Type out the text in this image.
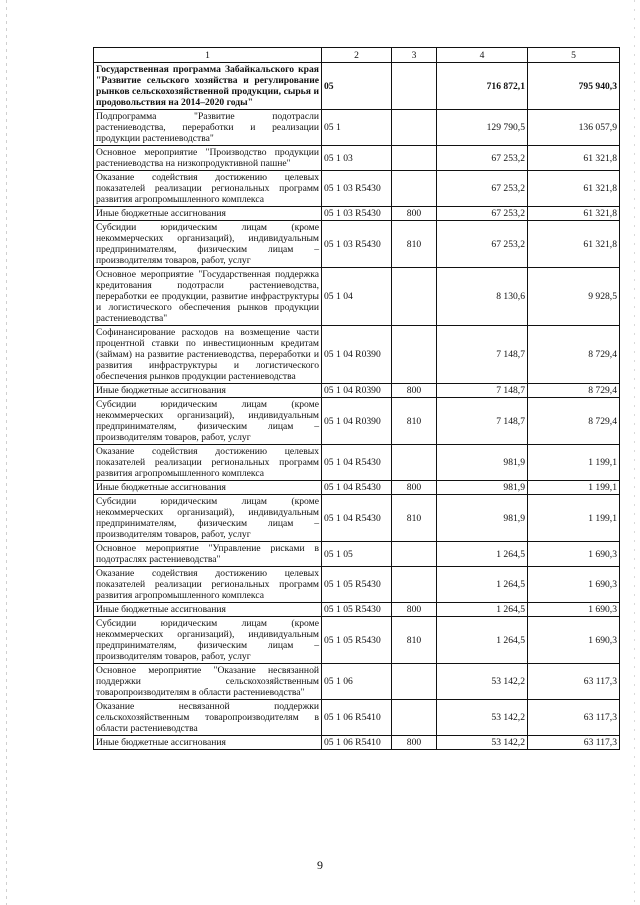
1	2	3	4	5
Государственная программа Забайкальского края "Развитие сельского хозяйства и регулирование рынков сельскохозяйственной продукции, сырья и продовольствия на 2014–2020 годы"	05		716 872,1	795 940,3
Подпрограмма "Развитие подотрасли растениеводства, переработки и реализации продукции растениеводства"	05 1		129 790,5	136 057,9
Основное мероприятие "Производство продукции растениеводства на низкопродуктивной пашне"	05 1 03		67 253,2	61 321,8
Оказание содействия достижению целевых показателей реализации региональных программ развития агропромышленного комплекса	05 1 03 R5430		67 253,2	61 321,8
Иные бюджетные ассигнования	05 1 03 R5430	800	67 253,2	61 321,8
Субсидии юридическим лицам (кроме некоммерческих организаций), индивидуальным предпринимателям, физическим лицам – производителям товаров, работ, услуг	05 1 03 R5430	810	67 253,2	61 321,8
Основное мероприятие "Государственная поддержка кредитования подотрасли растениеводства, переработки ее продукции, развитие инфраструктуры и логистического обеспечения рынков продукции растениеводства"	05 1 04		8 130,6	9 928,5
Софинансирование расходов на возмещение части процентной ставки по инвестиционным кредитам (займам) на развитие растениеводства, переработки и развития инфраструктуры и логистического обеспечения рынков продукции растениеводства	05 1 04 R0390		7 148,7	8 729,4
Иные бюджетные ассигнования	05 1 04 R0390	800	7 148,7	8 729,4
Субсидии юридическим лицам (кроме некоммерческих организаций), индивидуальным предпринимателям, физическим лицам – производителям товаров, работ, услуг	05 1 04 R0390	810	7 148,7	8 729,4
Оказание содействия достижению целевых показателей реализации региональных программ развития агропромышленного комплекса	05 1 04 R5430		981,9	1 199,1
Иные бюджетные ассигнования	05 1 04 R5430	800	981,9	1 199,1
Субсидии юридическим лицам (кроме некоммерческих организаций), индивидуальным предпринимателям, физическим лицам – производителям товаров, работ, услуг	05 1 04 R5430	810	981,9	1 199,1
Основное мероприятие "Управление рисками в подотраслях растениеводства"	05 1 05		1 264,5	1 690,3
Оказание содействия достижению целевых показателей реализации региональных программ развития агропромышленного комплекса	05 1 05 R5430		1 264,5	1 690,3
Иные бюджетные ассигнования	05 1 05 R5430	800	1 264,5	1 690,3
Субсидии юридическим лицам (кроме некоммерческих организаций), индивидуальным предпринимателям, физическим лицам – производителям товаров, работ, услуг	05 1 05 R5430	810	1 264,5	1 690,3
Основное мероприятие "Оказание несвязанной поддержки сельскохозяйственным товаропроизводителям в области растениеводства"	05 1 06		53 142,2	63 117,3
Оказание несвязанной поддержки сельскохозяйственным товаропроизводителям в области растениеводства	05 1 06 R5410		53 142,2	63 117,3
Иные бюджетные ассигнования	05 1 06 R5410	800	53 142,2	63 117,3
9
